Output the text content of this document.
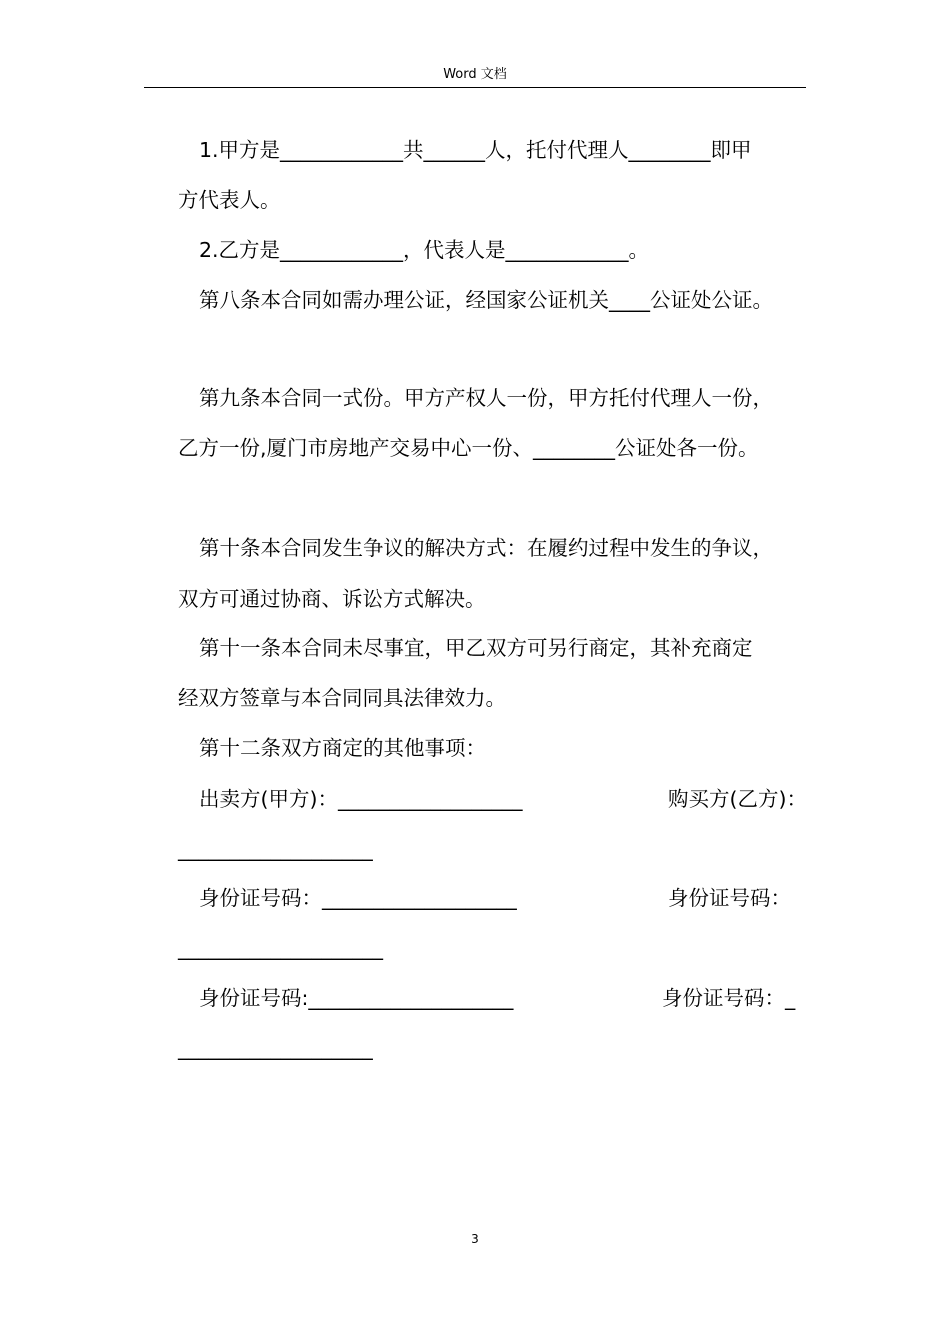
Word 文档
1.甲方是____________共______人，托付代理人________即甲
方代表人。
2.乙方是____________，代表人是____________。
第八条本合同如需办理公证，经国家公证机关____公证处公证。
第九条本合同一式份。甲方产权人一份，甲方托付代理人一份，
乙方一份,厦门市房地产交易中心一份、________公证处各一份。
第十条本合同发生争议的解决方式：在履约过程中发生的争议，
双方可通过协商、诉讼方式解决。
第十一条本合同未尽事宜，甲乙双方可另行商定，其补充商定
经双方签章与本合同同具法律效力。
第十二条双方商定的其他事项：
出卖方(甲方)：__________________	购买方(乙方)：
___________________
身份证号码：___________________	身份证号码：
____________________
身份证号码:____________________	身份证号码：_
___________________
3
